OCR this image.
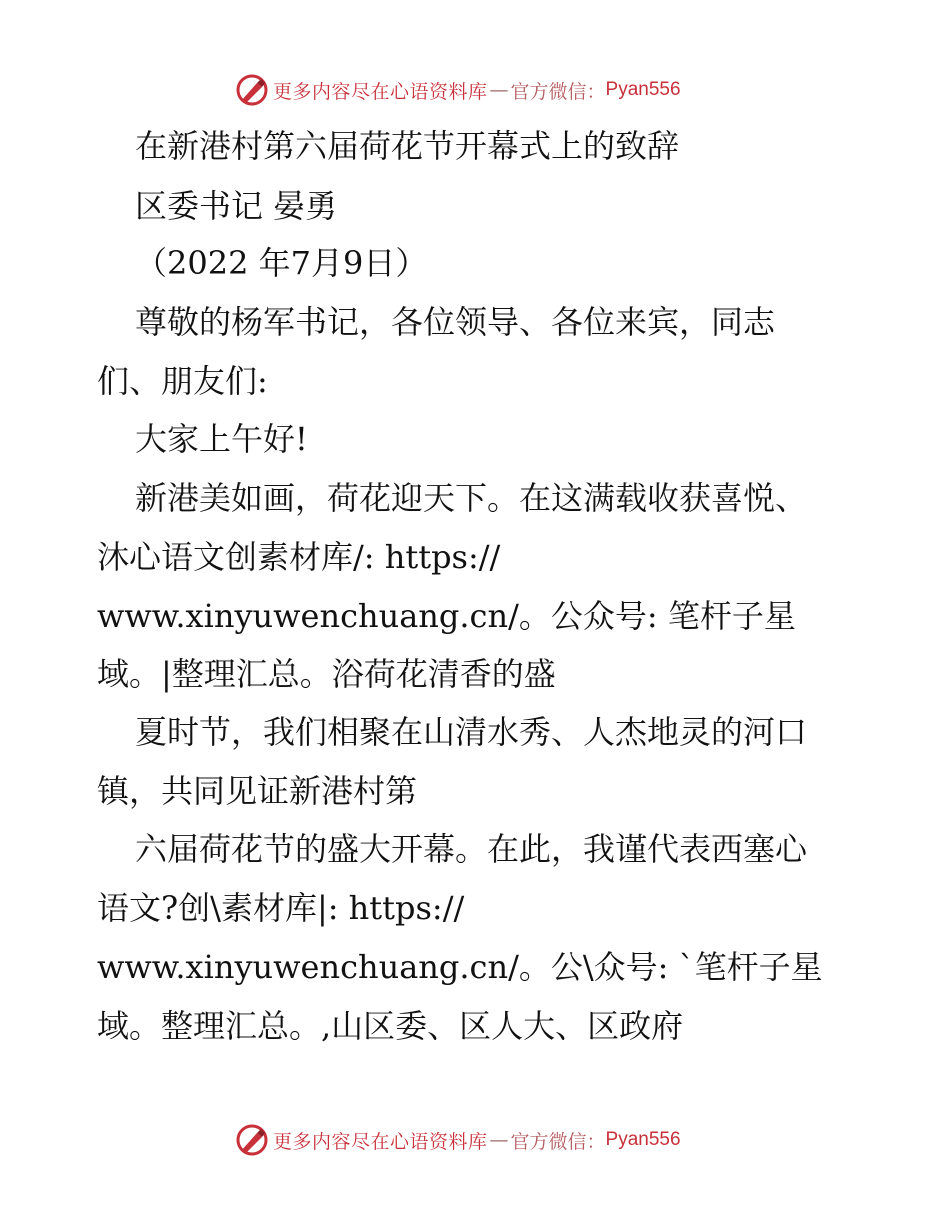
更多内容尽在心语资料库 — 官方微信： Pyan556
在新港村第六届荷花节开幕式上的致辞
区委书记 晏勇
（2022 年7月9日）
尊敬的杨军书记，各位领导、各位来宾，同志
们、朋友们:
大家上午好!
新港美如画，荷花迎天下。在这满载收获喜悦、
沐心语文创素材库/: https://
www.xinyuwenchuang.cn/。公众号: 笔杆子星
域。|整理汇总。浴荷花清香的盛
夏时节，我们相聚在山清水秀、人杰地灵的河口
镇，共同见证新港村第
六届荷花节的盛大开幕。在此，我谨代表西塞心
语文?创\素材库|: https://
www.xinyuwenchuang.cn/。公\众号: `笔杆子星
域。整理汇总。,山区委、区人大、区政府
更多内容尽在心语资料库 — 官方微信： Pyan556
